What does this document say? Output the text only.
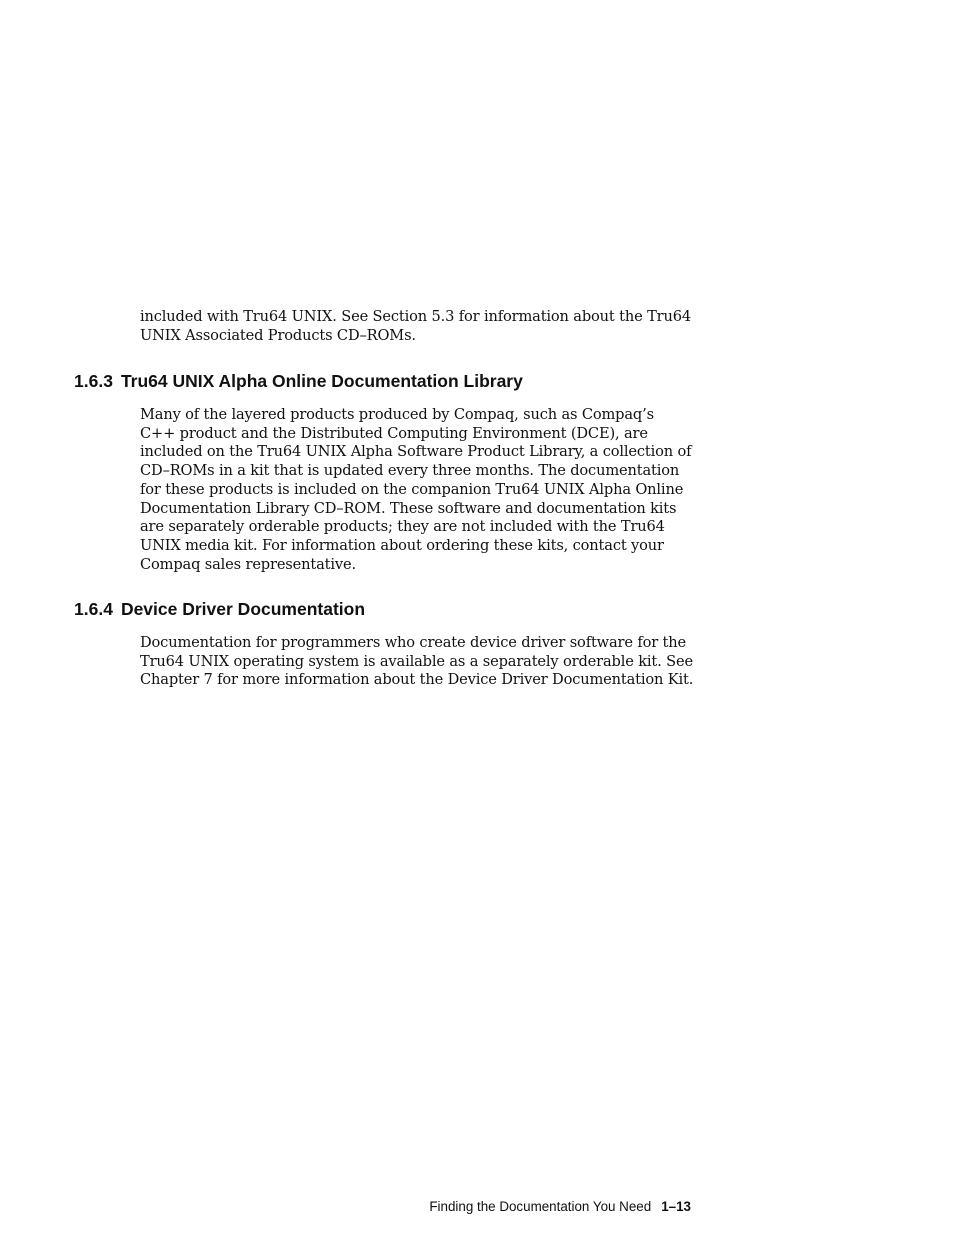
included with Tru64 UNIX. See Section 5.3 for information about the Tru64
UNIX Associated Products CD–ROMs.

1.6.3 Tru64 UNIX Alpha Online Documentation Library

Many of the layered products produced by Compaq, such as Compaq’s
C++ product and the Distributed Computing Environment (DCE), are
included on the Tru64 UNIX Alpha Software Product Library, a collection of
CD–ROMs in a kit that is updated every three months. The documentation
for these products is included on the companion Tru64 UNIX Alpha Online
Documentation Library CD–ROM. These software and documentation kits
are separately orderable products; they are not included with the Tru64
UNIX media kit. For information about ordering these kits, contact your
Compaq sales representative.

1.6.4 Device Driver Documentation

Documentation for programmers who create device driver software for the
Tru64 UNIX operating system is available as a separately orderable kit. See
Chapter 7 for more information about the Device Driver Documentation Kit.

Finding the Documentation You Need 1–13
